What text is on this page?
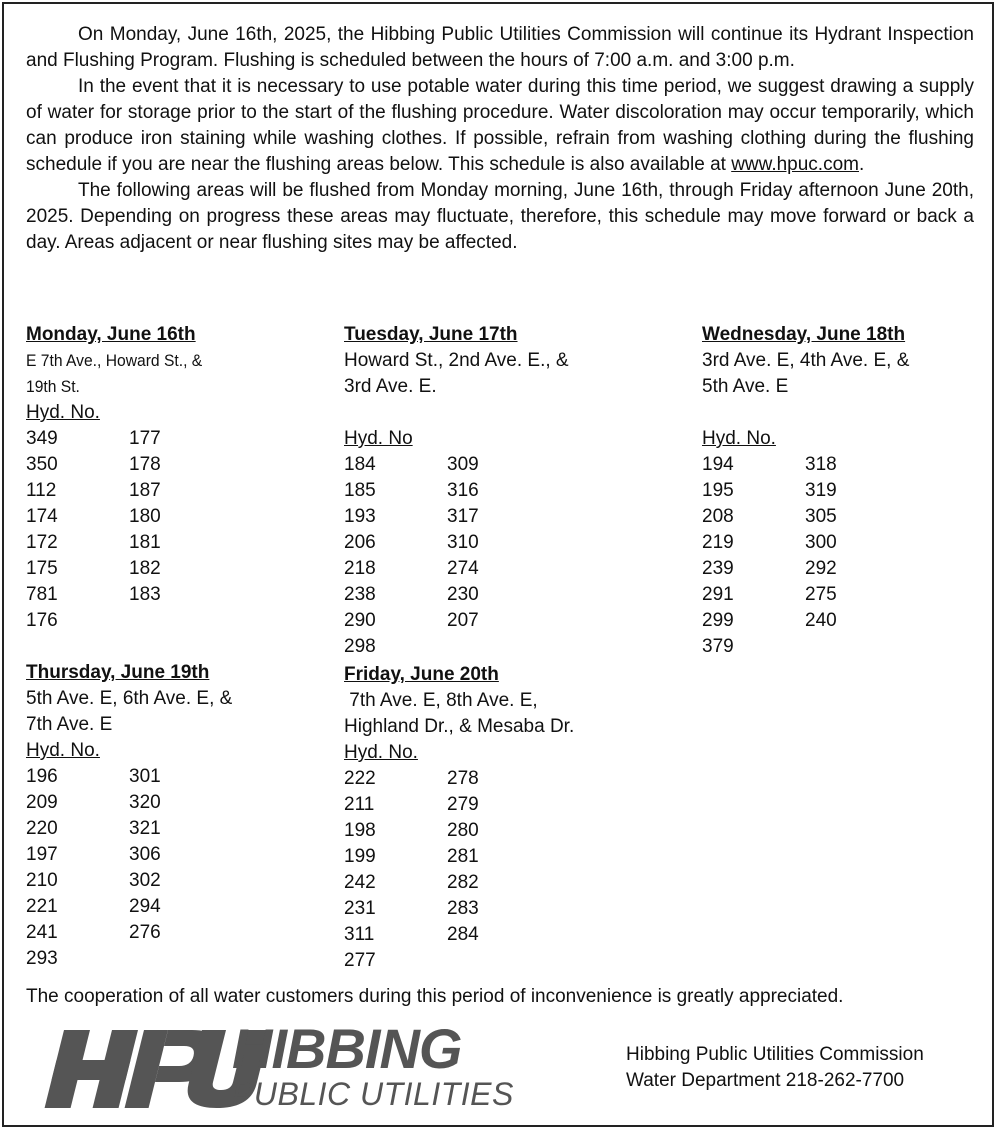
On Monday, June 16th, 2025, the Hibbing Public Utilities Commission will continue its Hydrant Inspection and Flushing Program. Flushing is scheduled between the hours of 7:00 a.m. and 3:00 p.m.

In the event that it is necessary to use potable water during this time period, we suggest drawing a supply of water for storage prior to the start of the flushing procedure. Water discoloration may occur temporarily, which can produce iron staining while washing clothes. If possible, refrain from washing clothing during the flushing schedule if you are near the flushing areas below. This schedule is also available at www.hpuc.com.

The following areas will be flushed from Monday morning, June 16th, through Friday afternoon June 20th, 2025. Depending on progress these areas may fluctuate, therefore, this schedule may move forward or back a day. Areas adjacent or near flushing sites may be affected.

Monday, June 16th
E 7th Ave., Howard St., &
19th St.
Hyd. No.
349	177
350	178
112	187
174	180
172	181
175	182
781	183
176
Tuesday, June 17th
Howard St., 2nd Ave. E., &
3rd Ave. E.
Hyd. No
184	309
185	316
193	317
206	310
218	274
238	230
290	207
298
Wednesday, June 18th
3rd Ave. E, 4th Ave. E, &
5th Ave. E
Hyd. No.
194	318
195	319
208	305
219	300
239	292
291	275
299	240
379
Thursday, June 19th
5th Ave. E, 6th Ave. E, &
7th Ave. E
Hyd. No.
196	301
209	320
220	321
197	306
210	302
221	294
241	276
293
Friday, June 20th
7th Ave. E, 8th Ave. E,
Highland Dr., & Mesaba Dr.
Hyd. No.
222	278
211	279
198	280
199	281
242	282
231	283
311	284
277
The cooperation of all water customers during this period of inconvenience is greatly appreciated.
HIBBING
PUBLIC UTILITIES
Hibbing Public Utilities Commission
Water Department 218-262-7700
